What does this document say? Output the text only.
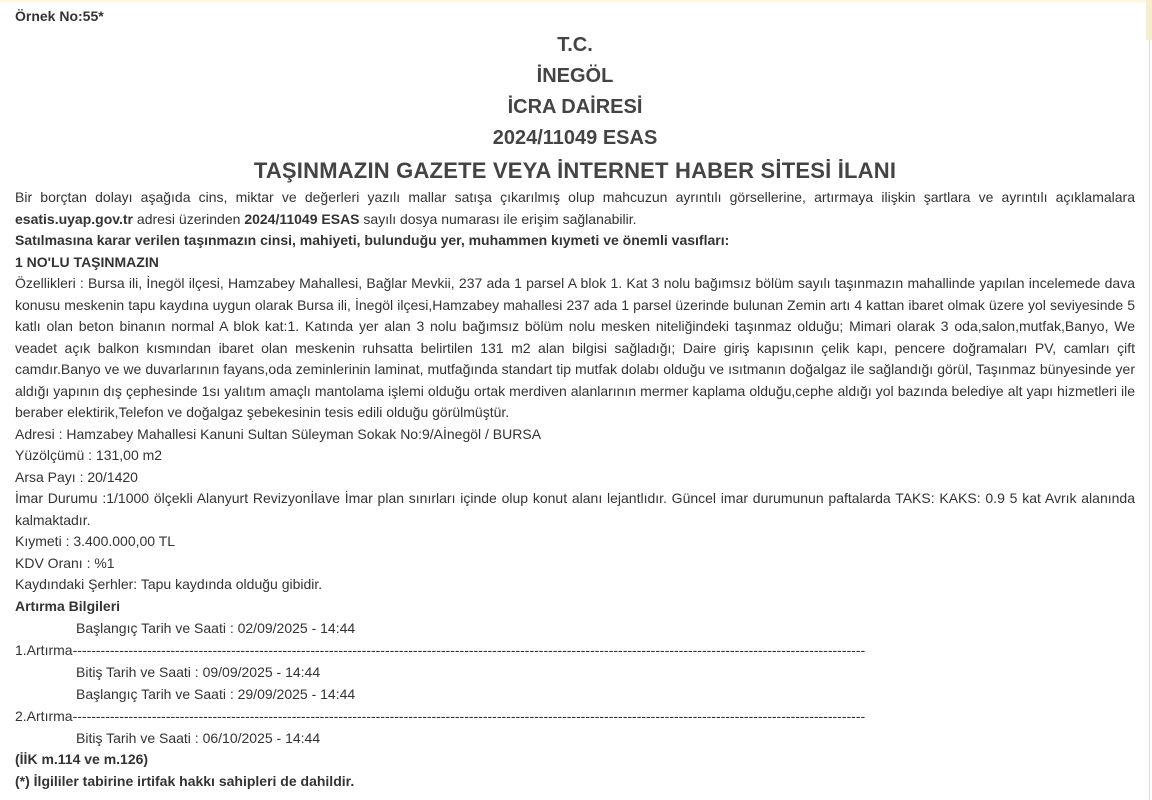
Örnek No:55*
T.C.
İNEGÖL
İCRA DAİRESİ
2024/11049 ESAS
TAŞINMAZIN GAZETE VEYA İNTERNET HABER SİTESİ İLANI
Bir borçtan dolayı aşağıda cins, miktar ve değerleri yazılı mallar satışa çıkarılmış olup mahcuzun ayrıntılı görsellerine, artırmaya ilişkin şartlara ve ayrıntılı açıklamalara esatis.uyap.gov.tr adresi üzerinden 2024/11049 ESAS sayılı dosya numarası ile erişim sağlanabilir.
Satılmasına karar verilen taşınmazın cinsi, mahiyeti, bulunduğu yer, muhammen kıymeti ve önemli vasıfları:
1 NO'LU TAŞINMAZIN
Özellikleri : Bursa ili, İnegöl ilçesi, Hamzabey Mahallesi, Bağlar Mevkii, 237 ada 1 parsel A blok 1. Kat 3 nolu bağımsız bölüm sayılı taşınmazın mahallinde yapılan incelemede dava konusu meskenin tapu kaydına uygun olarak Bursa ili, İnegöl ilçesi,Hamzabey mahallesi 237 ada 1 parsel üzerinde bulunan Zemin artı 4 kattan ibaret olmak üzere yol seviyesinde 5 katlı olan beton binanın normal A blok kat:1. Katında yer alan 3 nolu bağımsız bölüm nolu mesken niteliğindeki taşınmaz olduğu; Mimari olarak 3 oda,salon,mutfak,Banyo, We veadet açık balkon kısmından ibaret olan meskenin ruhsatta belirtilen 131 m2 alan bilgisi sağladığı; Daire giriş kapısının çelik kapı, pencere doğramaları PV, camları çift camdır.Banyo ve we duvarlarının fayans,oda zeminlerinin laminat, mutfağında standart tip mutfak dolabı olduğu ve ısıtmanın doğalgaz ile sağlandığı görül, Taşınmaz bünyesinde yer aldığı yapının dış çephesinde 1sı yalıtım amaçlı mantolama işlemi olduğu ortak merdiven alanlarının mermer kaplama olduğu,cephe aldığı yol bazında belediye alt yapı hizmetleri ile beraber elektirik,Telefon ve doğalgaz şebekesinin tesis edili olduğu görülmüştür.
Adresi : Hamzabey Mahallesi Kanuni Sultan Süleyman Sokak No:9/Aİnegöl / BURSA
Yüzölçümü : 131,00 m2
Arsa Payı : 20/1420
İmar Durumu :1/1000 ölçekli Alanyurt Revizyonİlave İmar plan sınırları içinde olup konut alanı lejantlıdır. Güncel imar durumunun paftalarda TAKS: KAKS: 0.9 5 kat Avrık alanında kalmaktadır.
Kıymeti : 3.400.000,00 TL
KDV Oranı : %1
Kaydındaki Şerhler: Tapu kaydında olduğu gibidir.
Artırma Bilgileri
Başlangıç Tarih ve Saati : 02/09/2025 - 14:44
1.Artırma--------------------------------------------------------------------------------------------------------------------------------------------------------------------------
Bitiş Tarih ve Saati : 09/09/2025 - 14:44
Başlangıç Tarih ve Saati : 29/09/2025 - 14:44
2.Artırma--------------------------------------------------------------------------------------------------------------------------------------------------------------------------
Bitiş Tarih ve Saati : 06/10/2025 - 14:44
(İİK m.114 ve m.126)
(*) İlgililer tabirine irtifak hakkı sahipleri de dahildir.
